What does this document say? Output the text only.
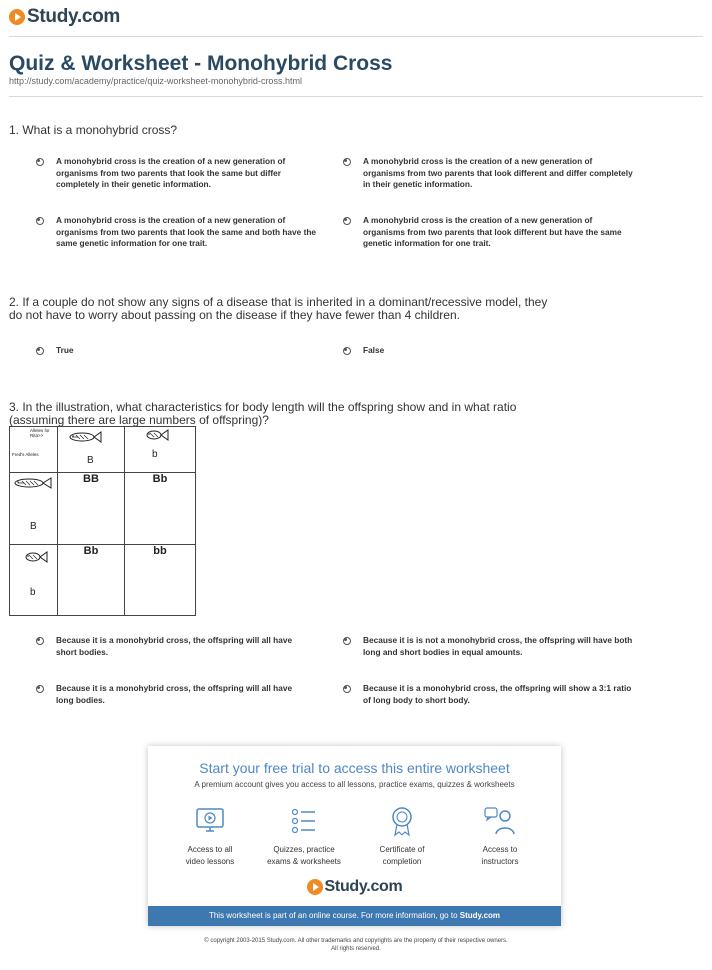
Study.com
Quiz & Worksheet - Monohybrid Cross
http://study.com/academy/practice/quiz-worksheet-monohybrid-cross.html
1. What is a monohybrid cross?
A monohybrid cross is the creation of a new generation of organisms from two parents that look the same but differ completely in their genetic information.
A monohybrid cross is the creation of a new generation of organisms from two parents that look different and differ completely in their genetic information.
A monohybrid cross is the creation of a new generation of organisms from two parents that look the same and both have the same genetic information for one trait.
A monohybrid cross is the creation of a new generation of organisms from two parents that look different but have the same genetic information for one trait.
2. If a couple do not show any signs of a disease that is inherited in a dominant/recessive model, they
do not have to worry about passing on the disease if they have fewer than 4 children.
True	False
3. In the illustration, what characteristics for body length will the offspring show and in what ratio
(assuming there are large numbers of offspring)?
Alleles for Rita>>
Fred's Alleles	B	b

B	BB	Bb

b	Bb	bb
Because it is a monohybrid cross, the offspring will all have short bodies.
Because it is is not a monohybrid cross, the offspring will have both long and short bodies in equal amounts.
Because it is a monohybrid cross, the offspring will all have long bodies.
Because it is a monohybrid cross, the offspring will show a 3:1 ratio of long body to short body.
Start your free trial to access this entire worksheet
A premium account gives you access to all lessons, practice exams, quizzes & worksheets
Access to all
video lessons
Quizzes, practice
exams & worksheets
Certificate of
completion
Access to
instructors
Study.com
This worksheet is part of an online course. For more information, go to Study.com
© copyright 2003-2015 Study.com. All other trademarks and copyrights are the property of their respective owners.
All rights reserved.
